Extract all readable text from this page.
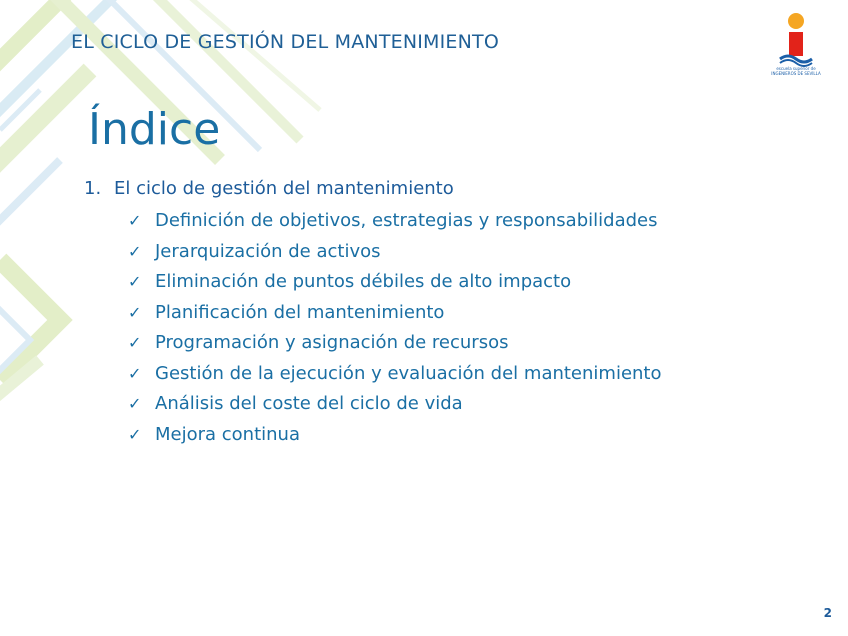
EL CICLO DE GESTIÓN DEL MANTENIMIENTO
escuela superior de
INGENIEROS DE SEVILLA
Índice
1. El ciclo de gestión del mantenimiento
✓ Definición de objetivos, estrategias y responsabilidades
✓ Jerarquización de activos
✓ Eliminación de puntos débiles de alto impacto
✓ Planificación del mantenimiento
✓ Programación y asignación de recursos
✓ Gestión de la ejecución y evaluación del mantenimiento
✓ Análisis del coste del ciclo de vida
✓ Mejora continua
2
